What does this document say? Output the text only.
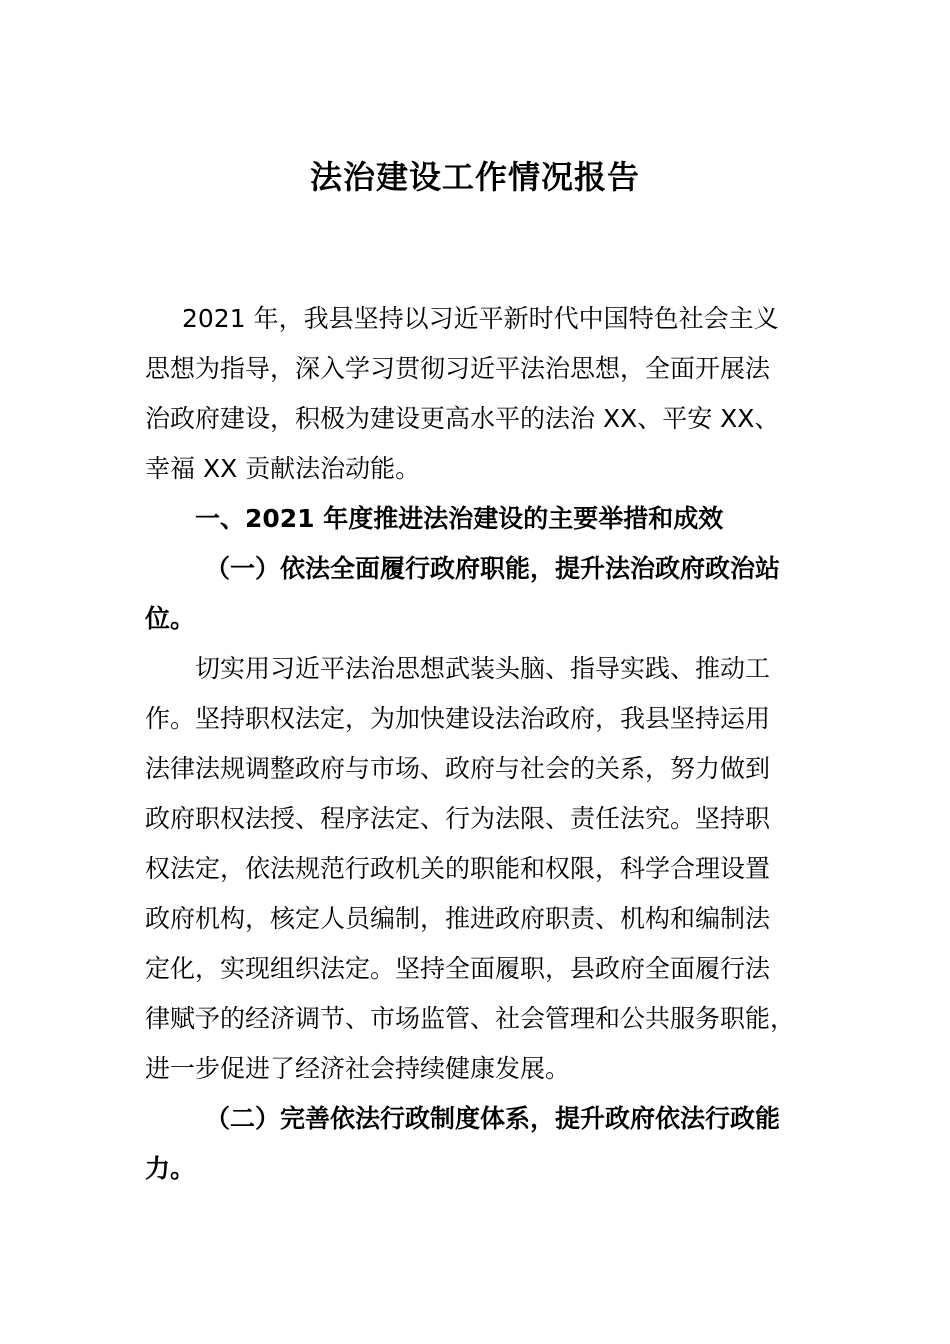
法治建设工作情况报告

2021 年，我县坚持以习近平新时代中国特色社会主义
思想为指导，深入学习贯彻习近平法治思想，全面开展法
治政府建设，积极为建设更高水平的法治 XX、平安 XX、
幸福 XX 贡献法治动能。

一、2021 年度推进法治建设的主要举措和成效

（一）依法全面履行政府职能，提升法治政府政治站
位。

切实用习近平法治思想武装头脑、指导实践、推动工
作。坚持职权法定，为加快建设法治政府，我县坚持运用
法律法规调整政府与市场、政府与社会的关系，努力做到
政府职权法授、程序法定、行为法限、责任法究。坚持职
权法定，依法规范行政机关的职能和权限，科学合理设置
政府机构，核定人员编制，推进政府职责、机构和编制法
定化，实现组织法定。坚持全面履职，县政府全面履行法
律赋予的经济调节、市场监管、社会管理和公共服务职能，
进一步促进了经济社会持续健康发展。

（二）完善依法行政制度体系，提升政府依法行政能
力。
